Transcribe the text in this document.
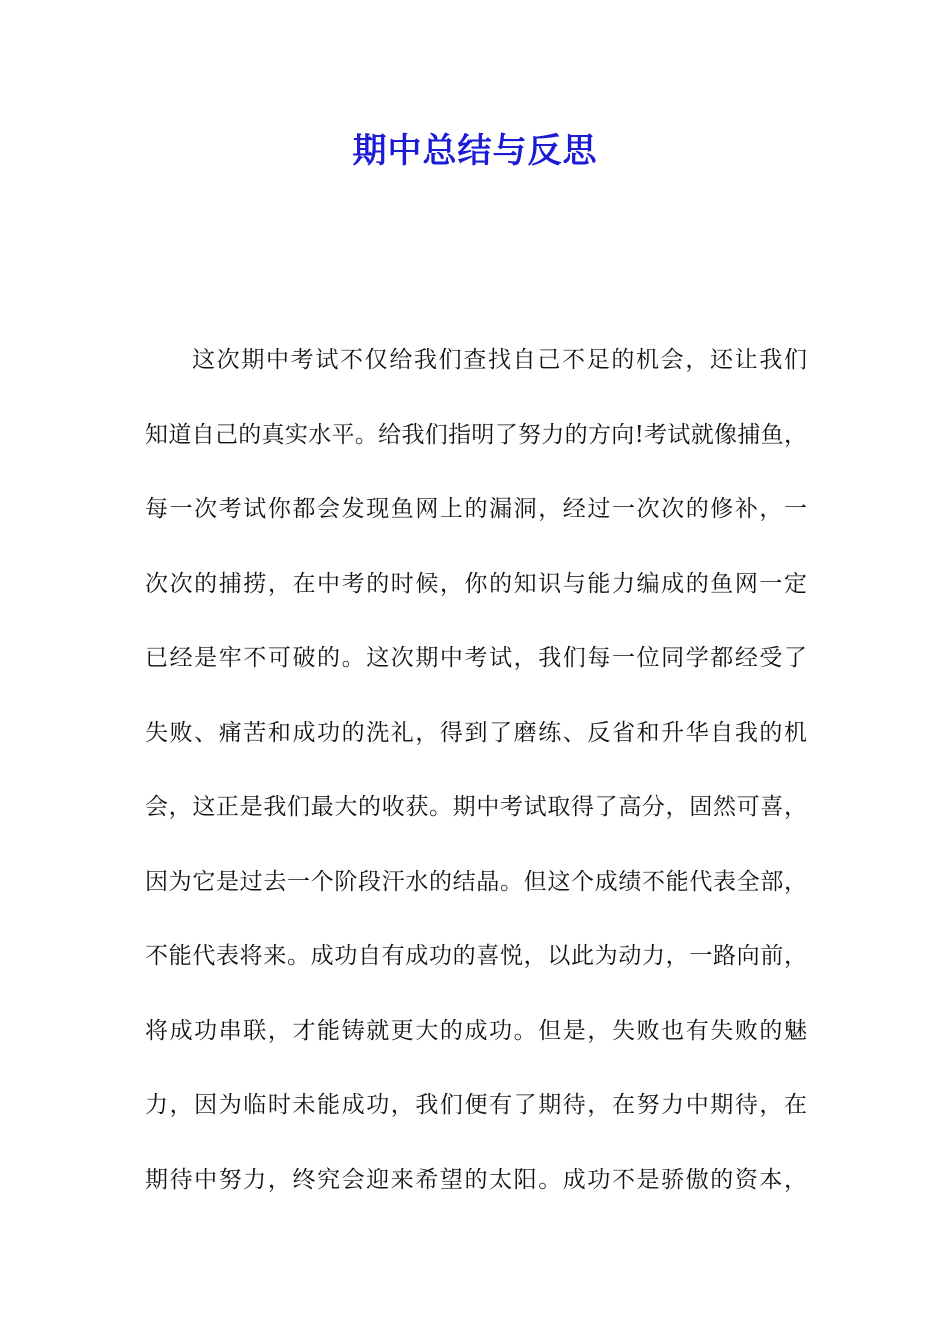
期中总结与反思
这次期中考试不仅给我们查找自己不足的机会，还让我们
知道自己的真实水平。给我们指明了努力的方向!考试就像捕鱼，
每一次考试你都会发现鱼网上的漏洞，经过一次次的修补，一
次次的捕捞，在中考的时候，你的知识与能力编成的鱼网一定
已经是牢不可破的。这次期中考试，我们每一位同学都经受了
失败、痛苦和成功的洗礼，得到了磨练、反省和升华自我的机
会，这正是我们最大的收获。期中考试取得了高分，固然可喜，
因为它是过去一个阶段汗水的结晶。但这个成绩不能代表全部，
不能代表将来。成功自有成功的喜悦，以此为动力，一路向前，
将成功串联，才能铸就更大的成功。但是，失败也有失败的魅
力，因为临时未能成功，我们便有了期待，在努力中期待，在
期待中努力，终究会迎来希望的太阳。成功不是骄傲的资本，
